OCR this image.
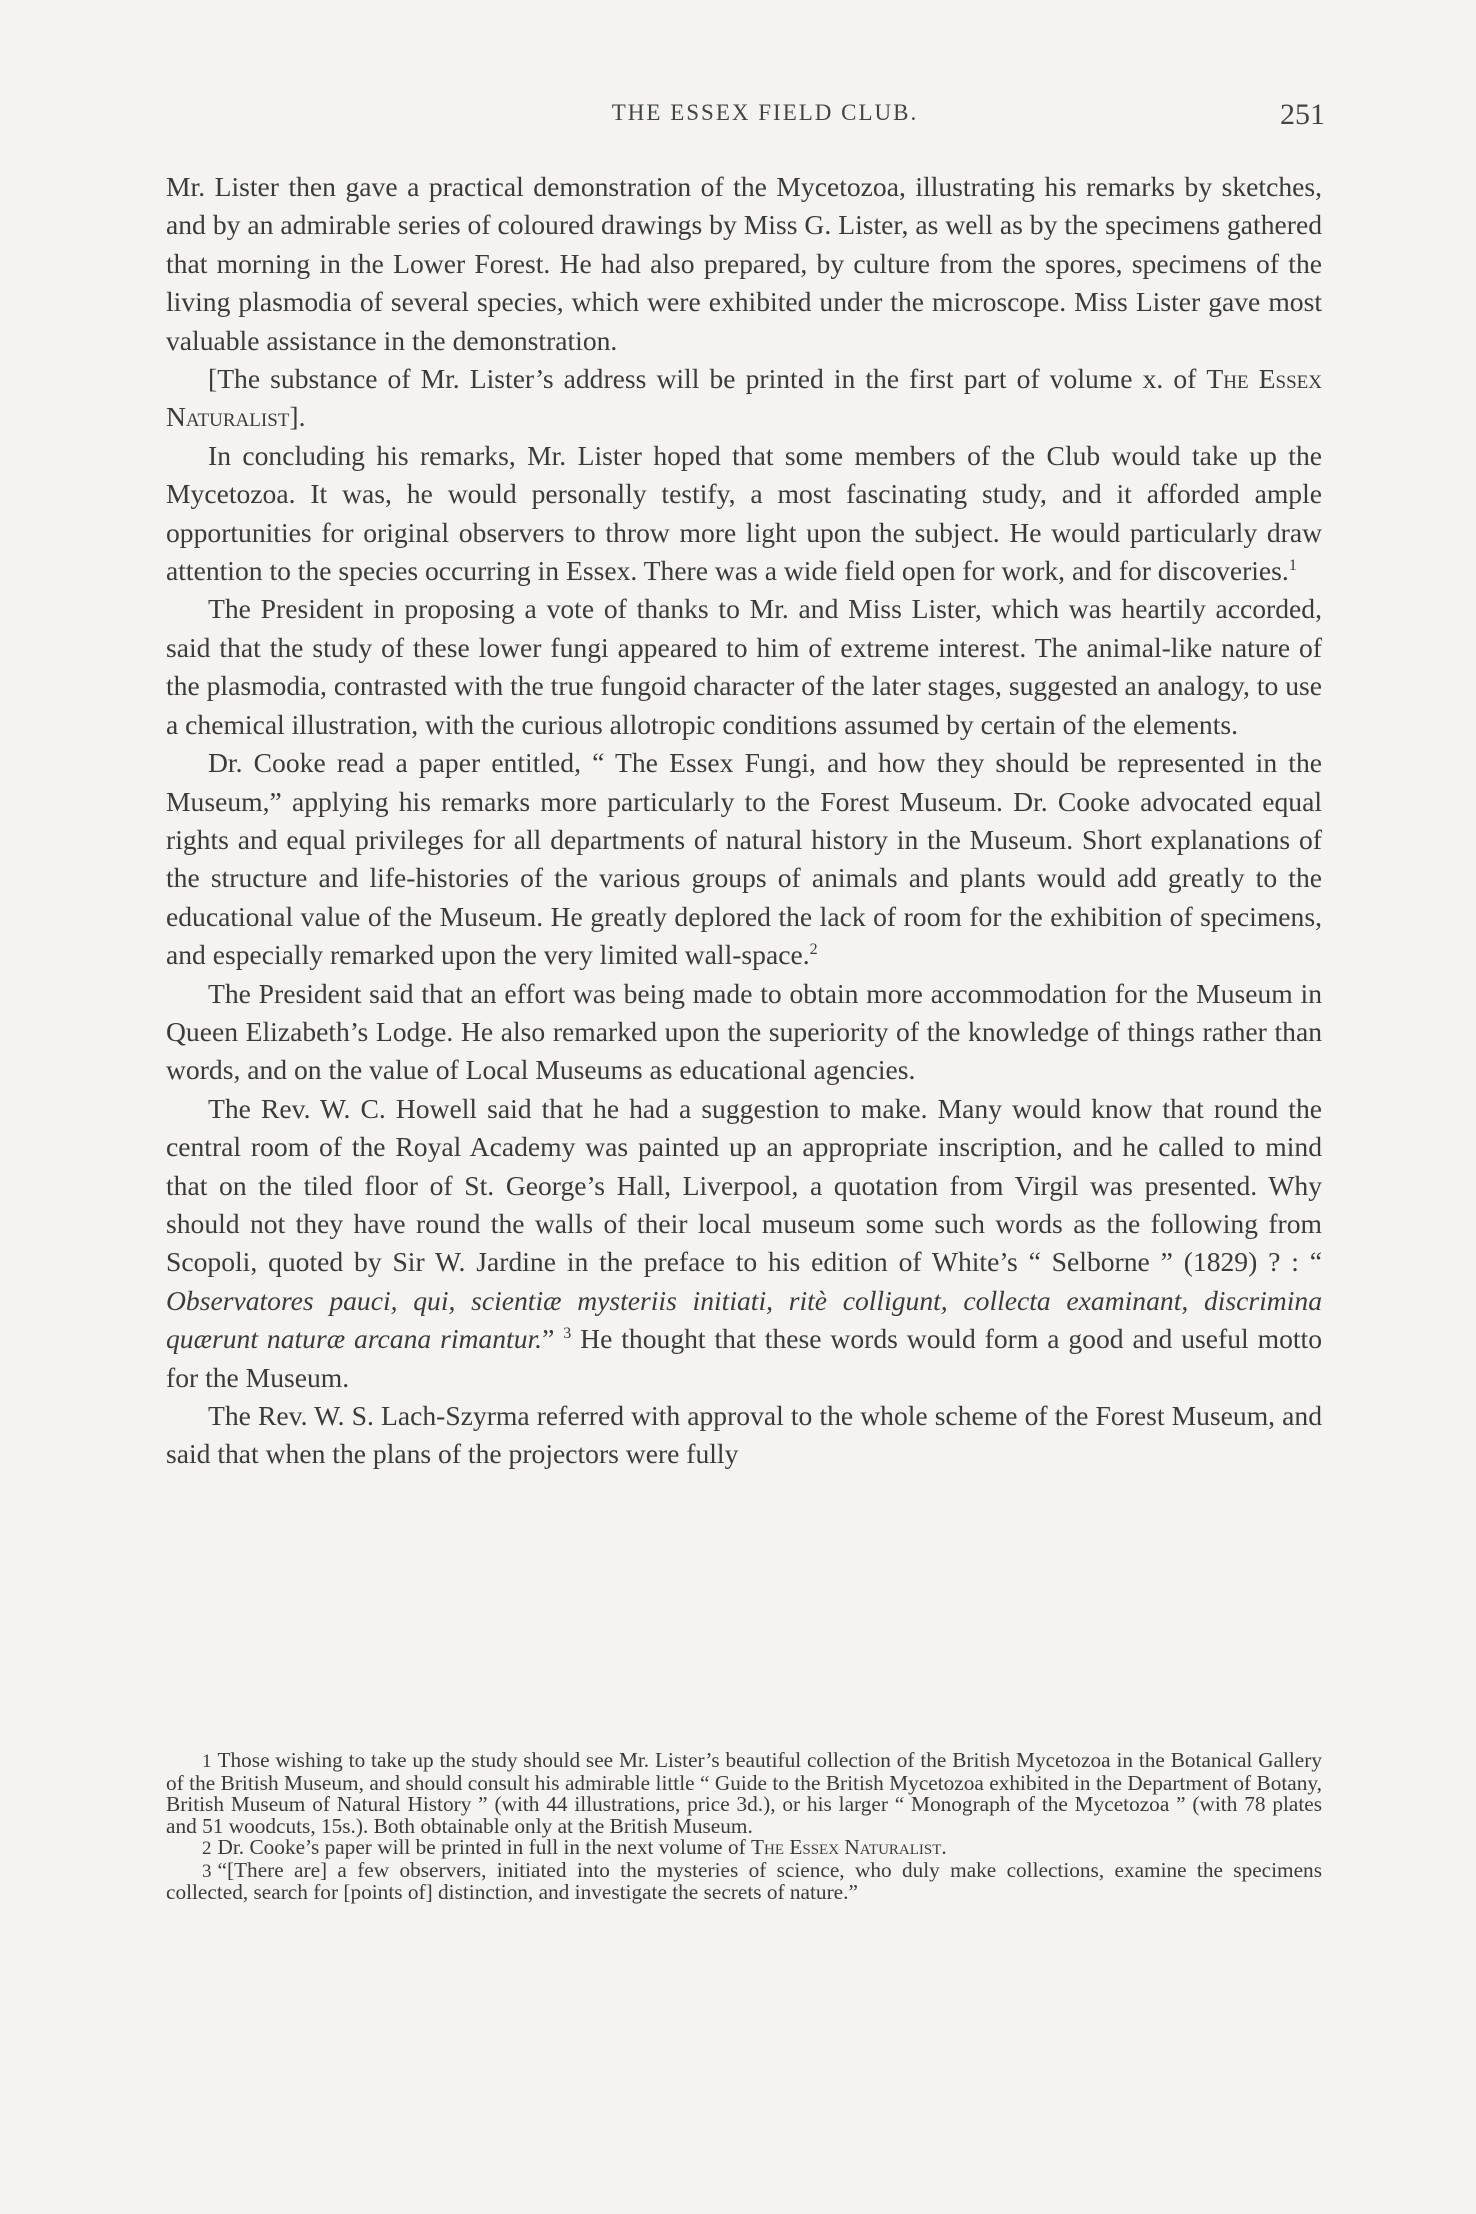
THE ESSEX FIELD CLUB.	251

Mr. Lister then gave a practical demonstration of the Mycetozoa, illustrating his remarks by sketches, and by an admirable series of coloured drawings by Miss G. Lister, as well as by the specimens gathered that morning in the Lower Forest. He had also prepared, by culture from the spores, specimens of the living plasmodia of several species, which were exhibited under the microscope. Miss Lister gave most valuable assistance in the demonstration.

[The substance of Mr. Lister’s address will be printed in the first part of volume x. of The Essex Naturalist].

In concluding his remarks, Mr. Lister hoped that some members of the Club would take up the Mycetozoa. It was, he would personally testify, a most fascinating study, and it afforded ample opportunities for original observers to throw more light upon the subject. He would particularly draw attention to the species occurring in Essex. There was a wide field open for work, and for discoveries.$^1$

The President in proposing a vote of thanks to Mr. and Miss Lister, which was heartily accorded, said that the study of these lower fungi appeared to him of extreme interest. The animal-like nature of the plasmodia, contrasted with the true fungoid character of the later stages, suggested an analogy, to use a chemical illustration, with the curious allotropic conditions assumed by certain of the elements.

Dr. Cooke read a paper entitled, “ The Essex Fungi, and how they should be represented in the Museum,” applying his remarks more particularly to the Forest Museum. Dr. Cooke advocated equal rights and equal privileges for all departments of natural history in the Museum. Short explanations of the structure and life-histories of the various groups of animals and plants would add greatly to the educational value of the Museum. He greatly deplored the lack of room for the exhibition of specimens, and especially remarked upon the very limited wall-space.$^2$

The President said that an effort was being made to obtain more accommodation for the Museum in Queen Elizabeth’s Lodge. He also remarked upon the superiority of the knowledge of things rather than words, and on the value of Local Museums as educational agencies.

The Rev. W. C. Howell said that he had a suggestion to make. Many would know that round the central room of the Royal Academy was painted up an appropriate inscription, and he called to mind that on the tiled floor of St. George’s Hall, Liverpool, a quotation from Virgil was presented. Why should not they have round the walls of their local museum some such words as the following from Scopoli, quoted by Sir W. Jardine in the preface to his edition of White’s “ Selborne ” (1829) ? : “ Observatores pauci, qui, scientiæ mysteriis initiati, ritè colligunt, collecta examinant, discrimina quærunt naturæ arcana rimantur.” $^3$ He thought that these words would form a good and useful motto for the Museum.

The Rev. W. S. Lach-Szyrma referred with approval to the whole scheme of the Forest Museum, and said that when the plans of the projectors were fully

1 Those wishing to take up the study should see Mr. Lister’s beautiful collection of the British Mycetozoa in the Botanical Gallery of the British Museum, and should consult his admirable little “ Guide to the British Mycetozoa exhibited in the Department of Botany, British Museum of Natural History ” (with 44 illustrations, price 3d.), or his larger “ Monograph of the Mycetozoa ” (with 78 plates and 51 woodcuts, 15s.). Both obtainable only at the British Museum.

2 Dr. Cooke’s paper will be printed in full in the next volume of The Essex Naturalist.

3 “[There are] a few observers, initiated into the mysteries of science, who duly make collections, examine the specimens collected, search for [points of] distinction, and investigate the secrets of nature.”
